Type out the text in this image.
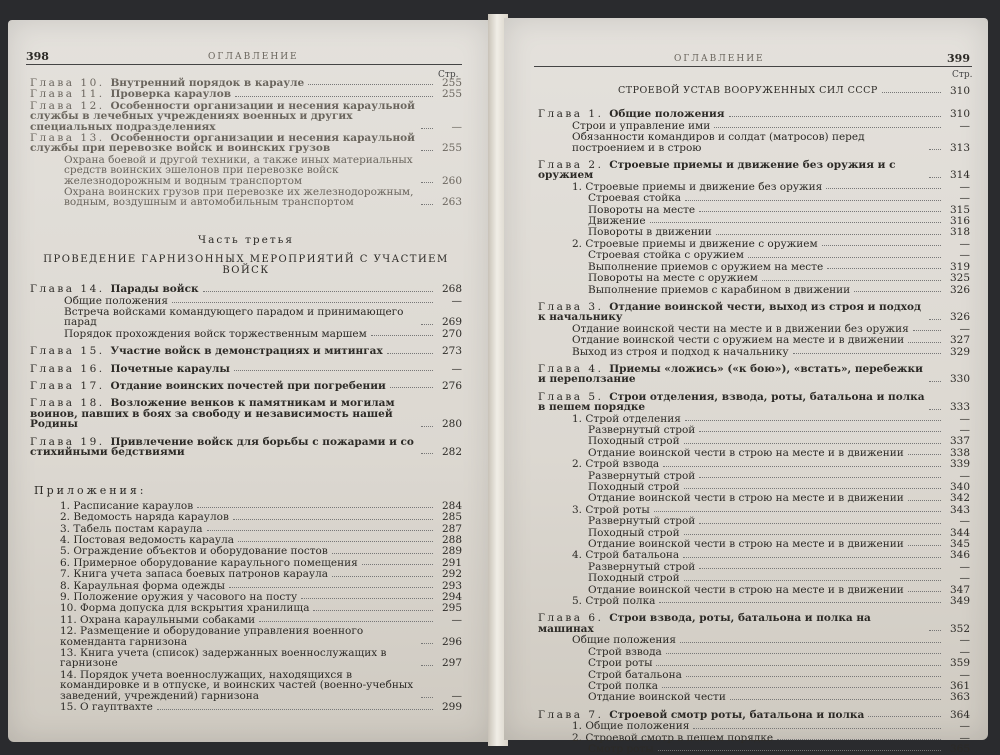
398	ОГЛАВЛЕНИЕ
Стр.
Глава 10. Внутренний порядок в карауле	255
Глава 11. Проверка караулов	255
Глава 12. Особенности организации и несения караульной службы в лечебных учреждениях военных и других специальных подразделениях	—
Глава 13. Особенности организации и несения караульной службы при перевозке войск и воинских грузов	255
Охрана боевой и другой техники, а также иных материальных средств воинских эшелонов при перевозке войск железнодорожным и водным транспортом	260
Охрана воинских грузов при перевозке их железнодорожным, водным, воздушным и автомобильным транспортом	263
Часть третья
ПРОВЕДЕНИЕ ГАРНИЗОННЫХ МЕРОПРИЯТИЙ С УЧАСТИЕМ ВОЙСК
Глава 14. Парады войск	268
Общие положения	—
Встреча войсками командующего парадом и принимающего парад	269
Порядок прохождения войск торжественным маршем	270
Глава 15. Участие войск в демонстрациях и митингах	273
Глава 16. Почетные караулы	—
Глава 17. Отдание воинских почестей при погребении	276
Глава 18. Возложение венков к памятникам и могилам воинов, павших в боях за свободу и независимость нашей Родины	280
Глава 19. Привлечение войск для борьбы с пожарами и со стихийными бедствиями	282
Приложения:
1. Расписание караулов	284
2. Ведомость наряда караулов	285
3. Табель постам караула	287
4. Постовая ведомость караула	288
5. Ограждение объектов и оборудование постов	289
6. Примерное оборудование караульного помещения	291
7. Книга учета запаса боевых патронов караула	292
8. Караульная форма одежды	293
9. Положение оружия у часового на посту	294
10. Форма допуска для вскрытия хранилища	295
11. Охрана караульными собаками	—
12. Размещение и оборудование управления военного коменданта гарнизона	296
13. Книга учета (список) задержанных военнослужащих в гарнизоне	297
14. Порядок учета военнослужащих, находящихся в командировке и в отпуске, и воинских частей (военно-учебных заведений, учреждений) гарнизона	—
15. О гауптвахте	299
399
ОГЛАВЛЕНИЕ
Стр.
СТРОЕВОЙ УСТАВ ВООРУЖЕННЫХ СИЛ СССР	310
Глава 1. Общие положения	310
Строи и управление ими	—
Обязанности командиров и солдат (матросов) перед построением и в строю	313
Глава 2. Строевые приемы и движение без оружия и с оружием	314
1. Строевые приемы и движение без оружия	—
Строевая стойка	—
Повороты на месте	315
Движение	316
Повороты в движении	318
2. Строевые приемы и движение с оружием	—
Строевая стойка с оружием	—
Выполнение приемов с оружием на месте	319
Повороты на месте с оружием	325
Выполнение приемов с карабином в движении	326
Глава 3. Отдание воинской чести, выход из строя и подход к начальнику	326
Отдание воинской чести на месте и в движении без оружия	—
Отдание воинской чести с оружием на месте и в движении	327
Выход из строя и подход к начальнику	329
Глава 4. Приемы «ложись» («к бою»), «встать», перебежки и переползание	330
Глава 5. Строи отделения, взвода, роты, батальона и полка в пешем порядке	333
1. Строй отделения	—
Развернутый строй	—
Походный строй	337
Отдание воинской чести в строю на месте и в движении	338
2. Строй взвода	339
Развернутый строй	—
Походный строй	340
Отдание воинской чести в строю на месте и в движении	342
3. Строй роты	343
Развернутый строй	—
Походный строй	344
Отдание воинской чести в строю на месте и в движении	345
4. Строй батальона	346
Развернутый строй	—
Походный строй	—
Отдание воинской чести в строю на месте и в движении	347
5. Строй полка	349
Глава 6. Строи взвода, роты, батальона и полка на машинах	352
Общие положения	—
Строй взвода	—
Строи роты	359
Строй батальона	—
Строй полка	361
Отдание воинской чести	363
Глава 7. Строевой смотр роты, батальона и полка	364
1. Общие положения	—
2. Строевой смотр в пешем порядке	—
Смотр роты	365
